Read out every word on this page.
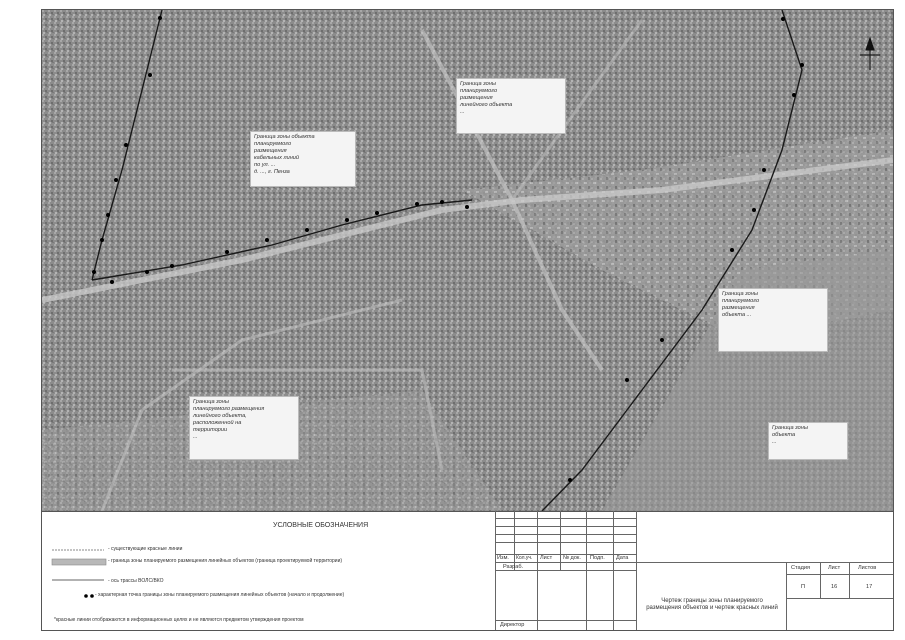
Граница зоны объекта
планируемого
размещения
кабельных линий
по ул. ...
д. ..., г. Пенза
Граница зоны
планируемого
размещения
линейного объекта
...
Граница зоны
планируемого размещения
линейного объекта,
расположенной на
территории
...
Граница зоны
планируемого
размещения
объекта ...
Граница зоны
объекта
...
УСЛОВНЫЕ ОБОЗНАЧЕНИЯ
- существующие красные линии
- граница зоны планируемого размещения линейных объектов (граница проектируемой территории)
- ось трассы ВОЛС/ВКО
- характерная точка границы зоны планируемого размещения линейных объектов (начало и продолжение)
*красные линии отображаются в информационных целях и не являются предметом утверждения проектом
Изм. Кол.уч. Лист № док. Подп. Дата
Разраб.
Директор
Чертеж границы зоны планируемого размещения объектов и чертеж красных линий
Стадия	Лист	Листов
П	16	17
